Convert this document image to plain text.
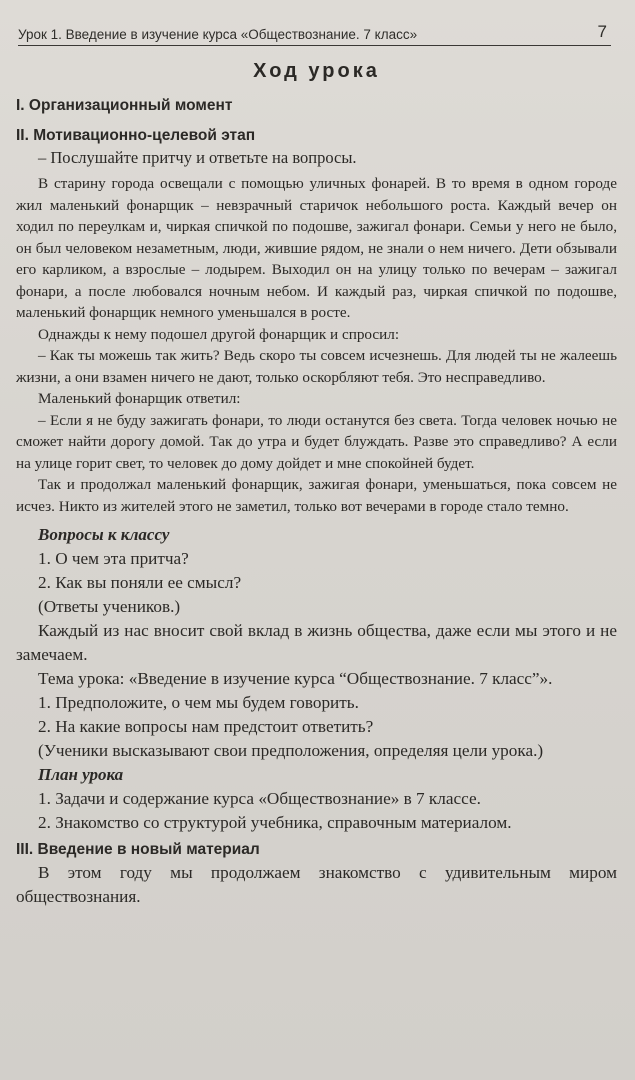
Урок 1. Введение в изучение курса «Обществознание. 7 класс»	7
Ход урока

I. Организационный момент

II. Мотивационно-целевой этап

– Послушайте притчу и ответьте на вопросы.

В старину города освещали с помощью уличных фонарей. В то время в одном городе жил маленький фонарщик – невзрачный старичок небольшого роста. Каждый вечер он ходил по переулкам и, чиркая спичкой по подошве, зажигал фонари. Семьи у него не было, он был человеком незаметным, люди, жившие рядом, не знали о нем ничего. Дети обзывали его карликом, а взрослые – лодырем. Выходил он на улицу только по вечерам – зажигал фонари, а после любовался ночным небом. И каждый раз, чиркая спичкой по подошве, маленький фонарщик немного уменьшался в росте.

Однажды к нему подошел другой фонарщик и спросил:

– Как ты можешь так жить? Ведь скоро ты совсем исчезнешь. Для людей ты не жалеешь жизни, а они взамен ничего не дают, только оскорбляют тебя. Это несправедливо.

Маленький фонарщик ответил:

– Если я не буду зажигать фонари, то люди останутся без света. Тогда человек ночью не сможет найти дорогу домой. Так до утра и будет блуждать. Разве это справедливо? А если на улице горит свет, то человек до дому дойдет и мне спокойней будет.

Так и продолжал маленький фонарщик, зажигая фонари, уменьшаться, пока совсем не исчез. Никто из жителей этого не заметил, только вот вечерами в городе стало темно.

Вопросы к классу

1. О чем эта притча?

2. Как вы поняли ее смысл?

(Ответы учеников.)

Каждый из нас вносит свой вклад в жизнь общества, даже если мы этого и не замечаем.

Тема урока: «Введение в изучение курса “Обществознание. 7 класс”».

1. Предположите, о чем мы будем говорить.

2. На какие вопросы нам предстоит ответить?

(Ученики высказывают свои предположения, определяя цели урока.)

План урока

1. Задачи и содержание курса «Обществознание» в 7 классе.

2. Знакомство со структурой учебника, справочным материалом.

III. Введение в новый материал

В этом году мы продолжаем знакомство с удивительным миром обществознания.
